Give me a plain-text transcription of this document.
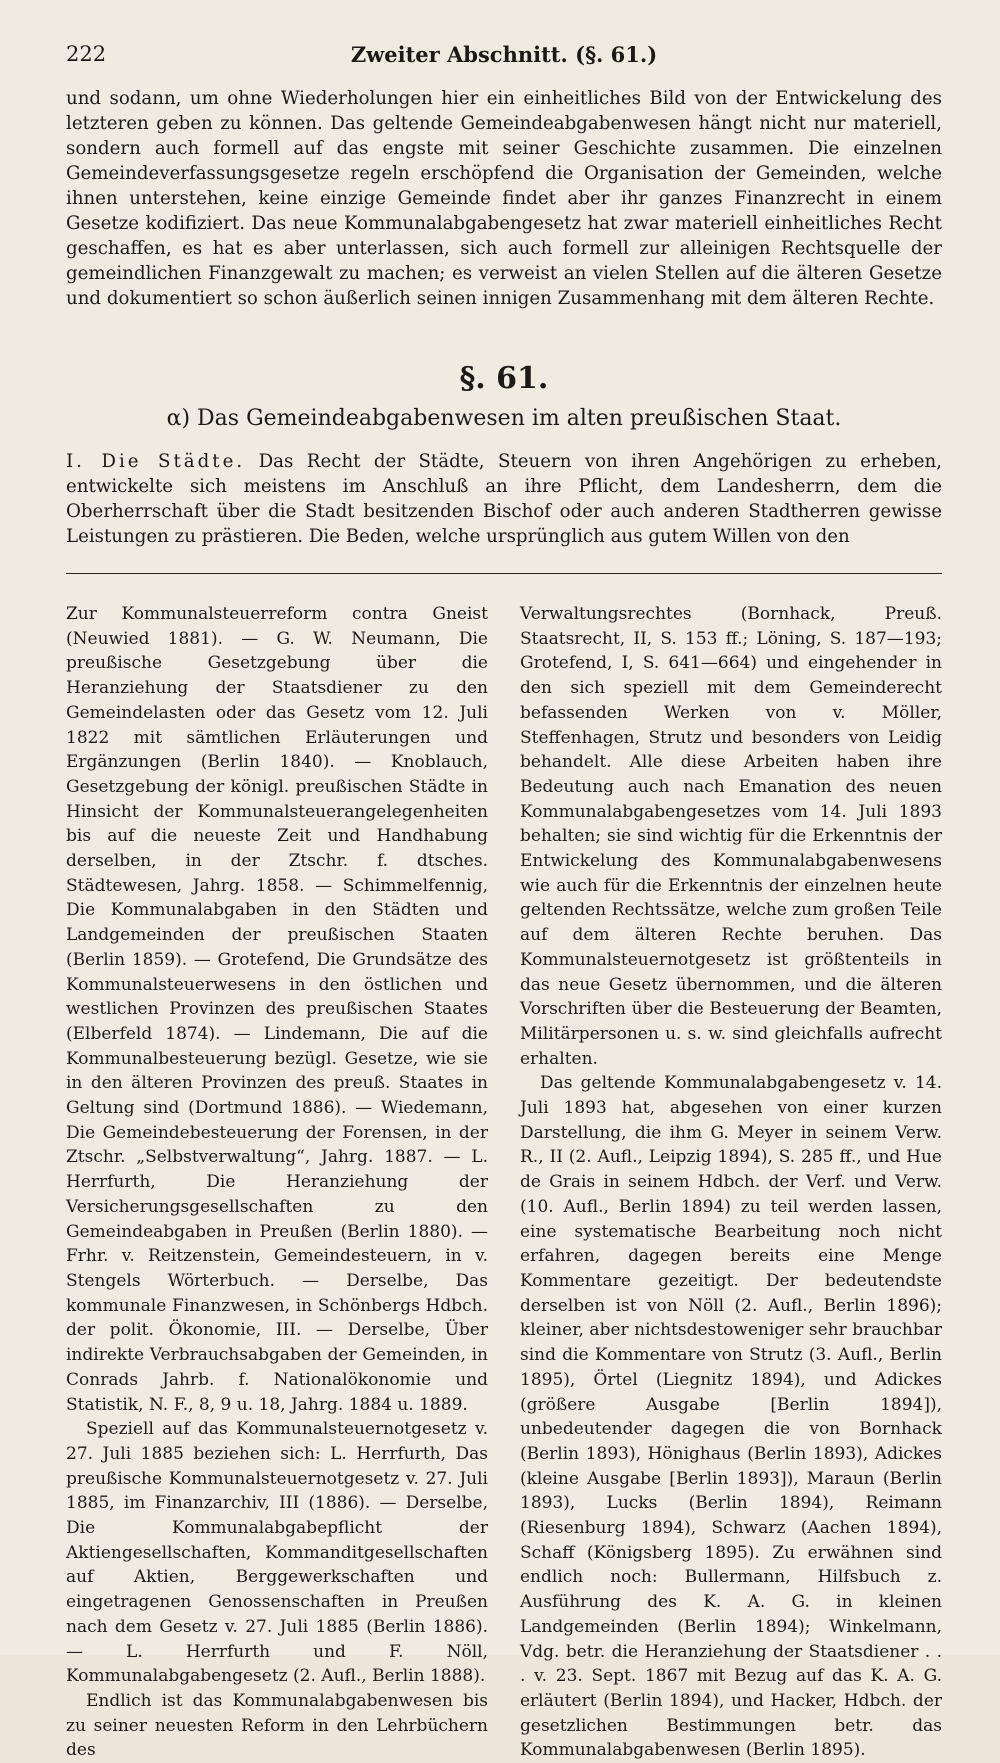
222	Zweiter Abschnitt. (§. 61.)

und sodann, um ohne Wiederholungen hier ein einheitliches Bild von der Entwickelung des letzteren geben zu können. Das geltende Gemeindeabgabenwesen hängt nicht nur materiell, sondern auch formell auf das engste mit seiner Geschichte zusammen. Die einzelnen Gemeindeverfassungsgesetze regeln erschöpfend die Organisation der Gemeinden, welche ihnen unterstehen, keine einzige Gemeinde findet aber ihr ganzes Finanzrecht in einem Gesetze kodifiziert. Das neue Kommunalabgabengesetz hat zwar materiell einheitliches Recht geschaffen, es hat es aber unterlassen, sich auch formell zur alleinigen Rechtsquelle der gemeindlichen Finanzgewalt zu machen; es verweist an vielen Stellen auf die älteren Gesetze und dokumentiert so schon äußerlich seinen innigen Zusammenhang mit dem älteren Rechte.

§. 61.
α) Das Gemeindeabgabenwesen im alten preußischen Staat.

I. Die Städte. Das Recht der Städte, Steuern von ihren Angehörigen zu erheben, entwickelte sich meistens im Anschluß an ihre Pflicht, dem Landesherrn, dem die Oberherrschaft über die Stadt besitzenden Bischof oder auch anderen Stadtherren gewisse Leistungen zu prästieren. Die Beden, welche ursprünglich aus gutem Willen von den

Zur Kommunalsteuerreform contra Gneist (Neuwied 1881). — G. W. Neumann, Die preußische Gesetzgebung über die Heranziehung der Staatsdiener zu den Gemeindelasten oder das Gesetz vom 12. Juli 1822 mit sämtlichen Erläuterungen und Ergänzungen (Berlin 1840). — Knoblauch, Gesetzgebung der königl. preußischen Städte in Hinsicht der Kommunalsteuerangelegenheiten bis auf die neueste Zeit und Handhabung derselben, in der Ztschr. f. dtsches. Städtewesen, Jahrg. 1858. — Schimmelfennig, Die Kommunalabgaben in den Städten und Landgemeinden der preußischen Staaten (Berlin 1859). — Grotefend, Die Grundsätze des Kommunalsteuerwesens in den östlichen und westlichen Provinzen des preußischen Staates (Elberfeld 1874). — Lindemann, Die auf die Kommunalbesteuerung bezügl. Gesetze, wie sie in den älteren Provinzen des preuß. Staates in Geltung sind (Dortmund 1886). — Wiedemann, Die Gemeindebesteuerung der Forensen, in der Ztschr. „Selbstverwaltung“, Jahrg. 1887. — L. Herrfurth, Die Heranziehung der Versicherungsgesellschaften zu den Gemeindeabgaben in Preußen (Berlin 1880). — Frhr. v. Reitzenstein, Gemeindesteuern, in v. Stengels Wörterbuch. — Derselbe, Das kommunale Finanzwesen, in Schönbergs Hdbch. der polit. Ökonomie, III. — Derselbe, Über indirekte Verbrauchsabgaben der Gemeinden, in Conrads Jahrb. f. Nationalökonomie und Statistik, N. F., 8, 9 u. 18, Jahrg. 1884 u. 1889.

Speziell auf das Kommunalsteuernotgesetz v. 27. Juli 1885 beziehen sich: L. Herrfurth, Das preußische Kommunalsteuernotgesetz v. 27. Juli 1885, im Finanzarchiv, III (1886). — Derselbe, Die Kommunalabgabepflicht der Aktiengesellschaften, Kommanditgesellschaften auf Aktien, Berggewerkschaften und eingetragenen Genossenschaften in Preußen nach dem Gesetz v. 27. Juli 1885 (Berlin 1886). — L. Herrfurth und F. Nöll, Kommunalabgabengesetz (2. Aufl., Berlin 1888).

Endlich ist das Kommunalabgabenwesen bis zu seiner neuesten Reform in den Lehrbüchern des

Verwaltungsrechtes (Bornhack, Preuß. Staatsrecht, II, S. 153 ff.; Löning, S. 187—193; Grotefend, I, S. 641—664) und eingehender in den sich speziell mit dem Gemeinderecht befassenden Werken von v. Möller, Steffenhagen, Strutz und besonders von Leidig behandelt. Alle diese Arbeiten haben ihre Bedeutung auch nach Emanation des neuen Kommunalabgabengesetzes vom 14. Juli 1893 behalten; sie sind wichtig für die Erkenntnis der Entwickelung des Kommunalabgabenwesens wie auch für die Erkenntnis der einzelnen heute geltenden Rechtssätze, welche zum großen Teile auf dem älteren Rechte beruhen. Das Kommunalsteuernotgesetz ist größtenteils in das neue Gesetz übernommen, und die älteren Vorschriften über die Besteuerung der Beamten, Militärpersonen u. s. w. sind gleichfalls aufrecht erhalten.

Das geltende Kommunalabgabengesetz v. 14. Juli 1893 hat, abgesehen von einer kurzen Darstellung, die ihm G. Meyer in seinem Verw. R., II (2. Aufl., Leipzig 1894), S. 285 ff., und Hue de Grais in seinem Hdbch. der Verf. und Verw. (10. Aufl., Berlin 1894) zu teil werden lassen, eine systematische Bearbeitung noch nicht erfahren, dagegen bereits eine Menge Kommentare gezeitigt. Der bedeutendste derselben ist von Nöll (2. Aufl., Berlin 1896); kleiner, aber nichtsdestoweniger sehr brauchbar sind die Kommentare von Strutz (3. Aufl., Berlin 1895), Örtel (Liegnitz 1894), und Adickes (größere Ausgabe [Berlin 1894]), unbedeutender dagegen die von Bornhack (Berlin 1893), Hönighaus (Berlin 1893), Adickes (kleine Ausgabe [Berlin 1893]), Maraun (Berlin 1893), Lucks (Berlin 1894), Reimann (Riesenburg 1894), Schwarz (Aachen 1894), Schaff (Königsberg 1895). Zu erwähnen sind endlich noch: Bullermann, Hilfsbuch z. Ausführung des K. A. G. in kleinen Landgemeinden (Berlin 1894); Winkelmann, Vdg. betr. die Heranziehung der Staatsdiener . . . v. 23. Sept. 1867 mit Bezug auf das K. A. G. erläutert (Berlin 1894), und Hacker, Hdbch. der gesetzlichen Bestimmungen betr. das Kommunalabgabenwesen (Berlin 1895).
